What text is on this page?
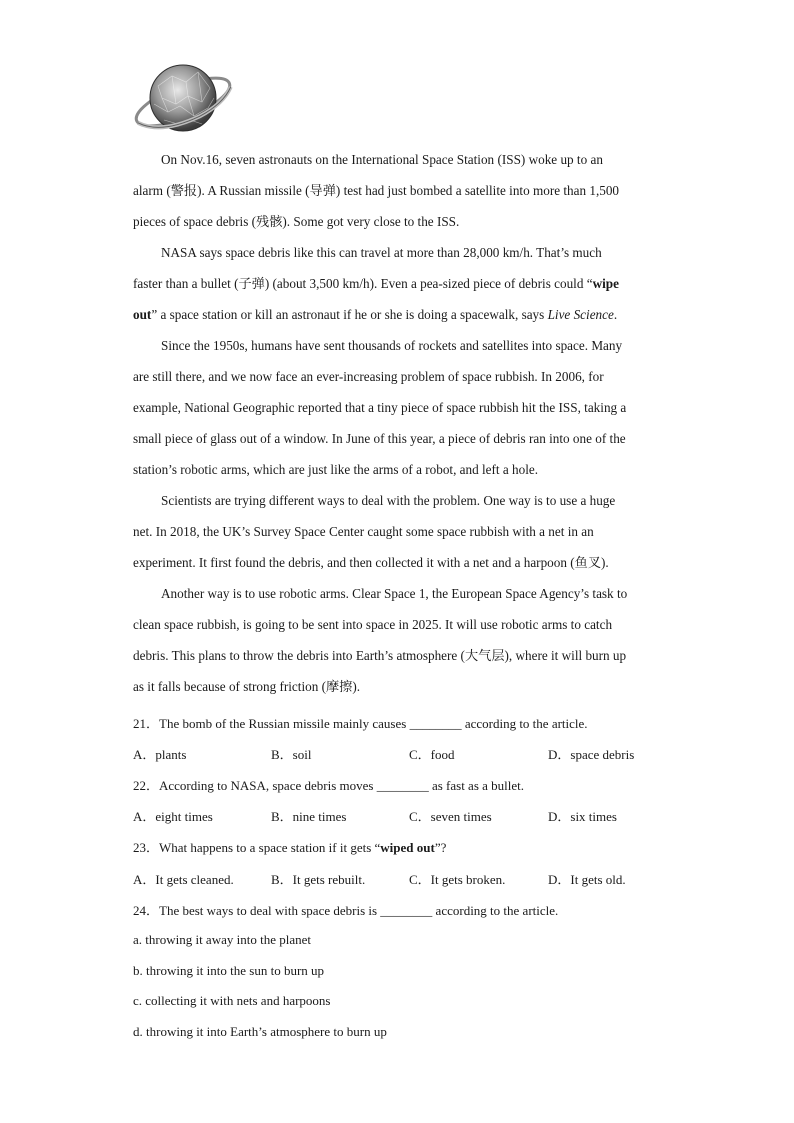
On Nov.16, seven astronauts on the International Space Station (ISS) woke up to an
alarm (警报). A Russian missile (导弹) test had just bombed a satellite into more than 1,500
pieces of space debris (残骸). Some got very close to the ISS.

NASA says space debris like this can travel at more than 28,000 km/h. That’s much
faster than a bullet (子弹) (about 3,500 km/h). Even a pea-sized piece of debris could “wipe
out” a space station or kill an astronaut if he or she is doing a spacewalk, says Live Science.

Since the 1950s, humans have sent thousands of rockets and satellites into space. Many
are still there, and we now face an ever-increasing problem of space rubbish. In 2006, for
example, National Geographic reported that a tiny piece of space rubbish hit the ISS, taking a
small piece of glass out of a window. In June of this year, a piece of debris ran into one of the
station’s robotic arms, which are just like the arms of a robot, and left a hole.

Scientists are trying different ways to deal with the problem. One way is to use a huge
net. In 2018, the UK’s Survey Space Center caught some space rubbish with a net in an
experiment. It first found the debris, and then collected it with a net and a harpoon (鱼叉).

Another way is to use robotic arms. Clear Space 1, the European Space Agency’s task to
clean space rubbish, is going to be sent into space in 2025. It will use robotic arms to catch
debris. This plans to throw the debris into Earth’s atmosphere (大气层), where it will burn up
as it falls because of strong friction (摩擦).

21．The bomb of the Russian missile mainly causes ________ according to the article.
A．plants	B．soil	C．food	D．space debris
22．According to NASA, space debris moves ________ as fast as a bullet.
A．eight times	B．nine times	C．seven times	D．six times
23．What happens to a space station if it gets “wiped out”?
A．It gets cleaned.	B．It gets rebuilt.	C．It gets broken.	D．It gets old.
24．The best ways to deal with space debris is ________ according to the article.
a. throwing it away into the planet
b. throwing it into the sun to burn up
c. collecting it with nets and harpoons
d. throwing it into Earth’s atmosphere to burn up
